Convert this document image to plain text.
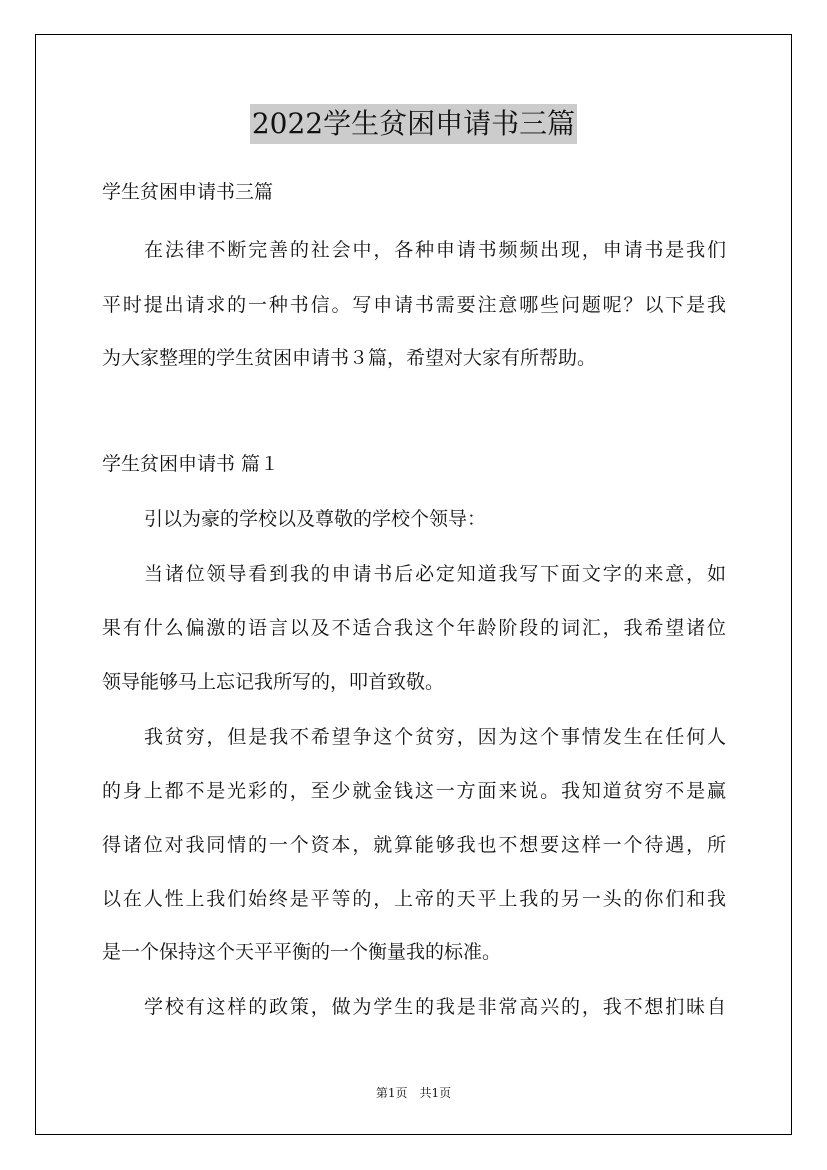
2022学生贫困申请书三篇
学生贫困申请书三篇
在法律不断完善的社会中，各种申请书频频出现，申请书是我们
平时提出请求的一种书信。写申请书需要注意哪些问题呢？以下是我
为大家整理的学生贫困申请书３篇，希望对大家有所帮助。
学生贫困申请书 篇１
引以为豪的学校以及尊敬的学校个领导：
当诸位领导看到我的申请书后必定知道我写下面文字的来意，如
果有什么偏激的语言以及不适合我这个年龄阶段的词汇，我希望诸位
领导能够马上忘记我所写的，叩首致敬。
我贫穷，但是我不希望争这个贫穷，因为这个事情发生在任何人
的身上都不是光彩的，至少就金钱这一方面来说。我知道贫穷不是赢
得诸位对我同情的一个资本，就算能够我也不想要这样一个待遇，所
以在人性上我们始终是平等的，上帝的天平上我的另一头的你们和我
是一个保持这个天平平衡的一个衡量我的标准。
学校有这样的政策，做为学生的我是非常高兴的，我不想扪昧自
第1页　共1页
